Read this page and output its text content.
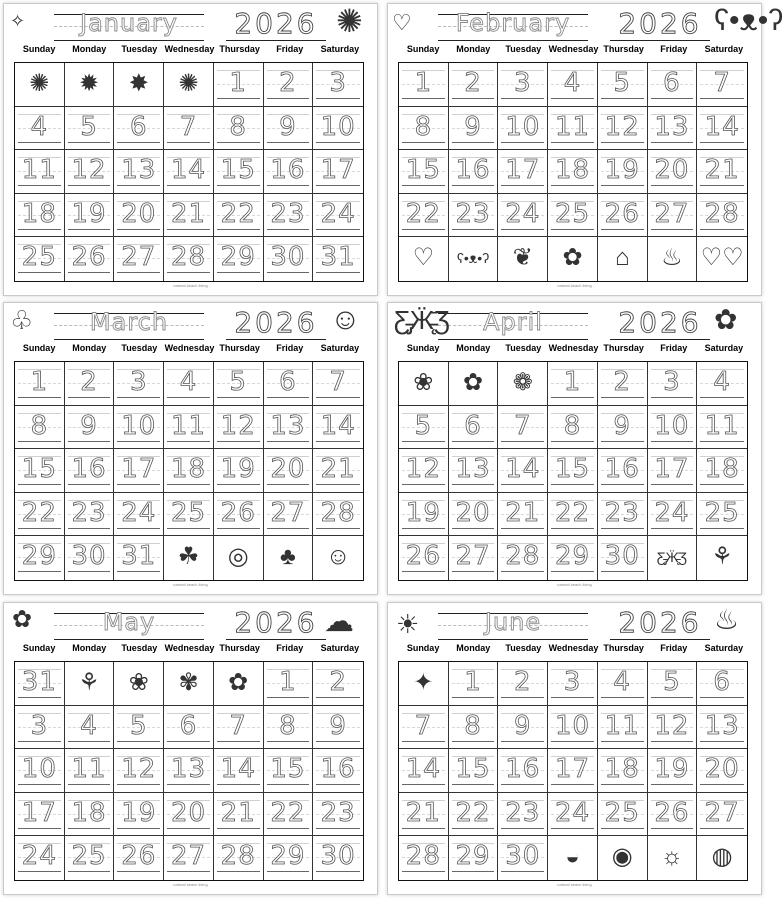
January	2026
✧	✺
Sunday	Monday	Tuesday Wednesday Thursday	Friday	Saturday
✺	✹	✸	✺	1	2	3
4	5	6	7	8	9 10
11 12 13 14 15 16 17
18 19 20 21 22 23 24
25 26 27 28 29 30 31
natural beach living
February	2026
♡	ʕ•ᴥ•ʔ
Sunday	Monday	Tuesday Wednesday Thursday	Friday	Saturday
1	2	3	4	5	6	7
8	9 10 11 12 13 14
15 16 17 18 19 20 21
22 23 24 25 26 27 28
♡	ʕ•ᴥ•ʔ ❦	✿	⌂	♨ ♡♡
natural beach living
March	2026
♧	☺
Sunday	Monday	Tuesday Wednesday Thursday	Friday	Saturday
1	2	3	4	5	6	7
8	9 10 11 12 13 14
15 16 17 18 19 20 21
22 23 24 25 26 27 28
29 30 31 ☘	◎	♣	☺
natural beach living
April	2026
Ƹ̵̡Ӝ̵̨̄Ʒ	✿
Sunday	Monday	Tuesday Wednesday Thursday	Friday	Saturday
❀	✿	❁	1	2	3	4
5	6	7	8	9 10 11
12 13 14 15 16 17 18
19 20 21 22 23 24 25
26 27 28 29 30	Ƹ̵̡Ӝ̵̨̄Ʒ	⚘
natural beach living
May	2026
✿	☁
Sunday	Monday	Tuesday Wednesday Thursday	Friday	Saturday
31 ⚘	❀	✾	✿	1	2
3	4	5	6	7	8	9
10 11 12 13 14 15 16
17 18 19 20 21 22 23
24 25 26 27 28 29 30
natural beach living
June	2026
☀	♨
Sunday	Monday	Tuesday Wednesday Thursday	Friday	Saturday
✦	1	2	3	4	5	6
7	8	9 10 11 12 13
14 15 16 17 18 19 20
21 22 23 24 25 26 27
28 29 30	◒	◉	☼	◍
natural beach living
